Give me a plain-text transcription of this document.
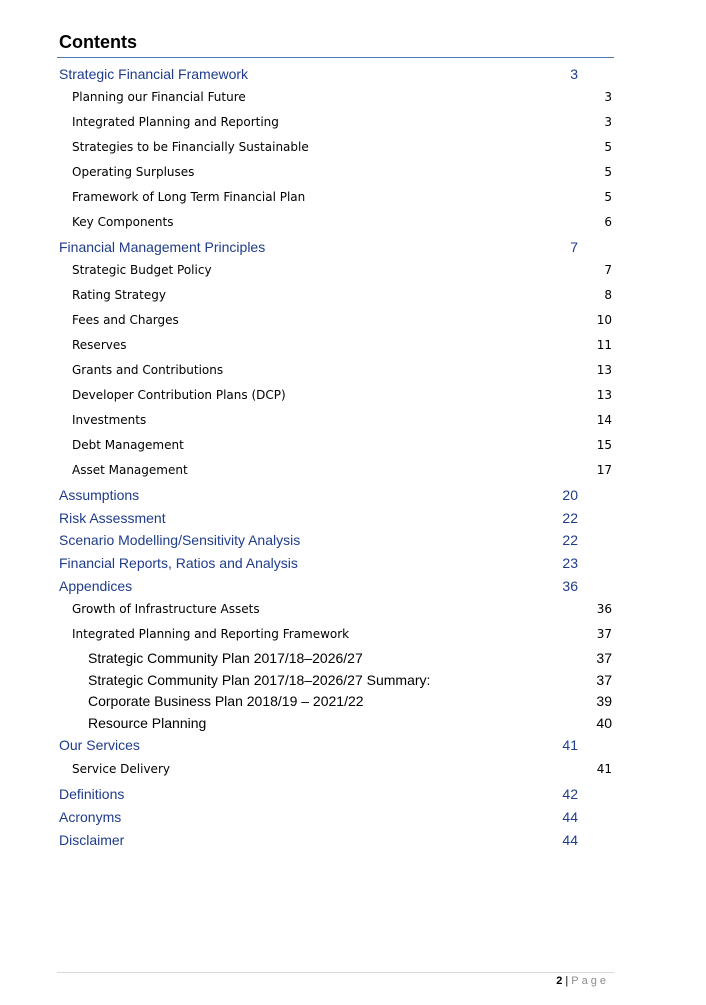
Contents
Strategic Financial Framework	3
Planning our Financial Future	3
Integrated Planning and Reporting	3
Strategies to be Financially Sustainable	5
Operating Surpluses	5
Framework of Long Term Financial Plan	5
Key Components	6
Financial Management Principles	7
Strategic Budget Policy	7
Rating Strategy	8
Fees and Charges	10
Reserves	11
Grants and Contributions	13
Developer Contribution Plans (DCP)	13
Investments	14
Debt Management	15
Asset Management	17
Assumptions	20
Risk Assessment	22
Scenario Modelling/Sensitivity Analysis	22
Financial Reports, Ratios and Analysis	23
Appendices	36
Growth of Infrastructure Assets	36
Integrated Planning and Reporting Framework	37
Strategic Community Plan 2017/18–2026/27	37
Strategic Community Plan 2017/18–2026/27 Summary:	37
Corporate Business Plan 2018/19 – 2021/22	39
Resource Planning	40
Our Services	41
Service Delivery	41
Definitions	42
Acronyms	44
Disclaimer	44
2 | Page
